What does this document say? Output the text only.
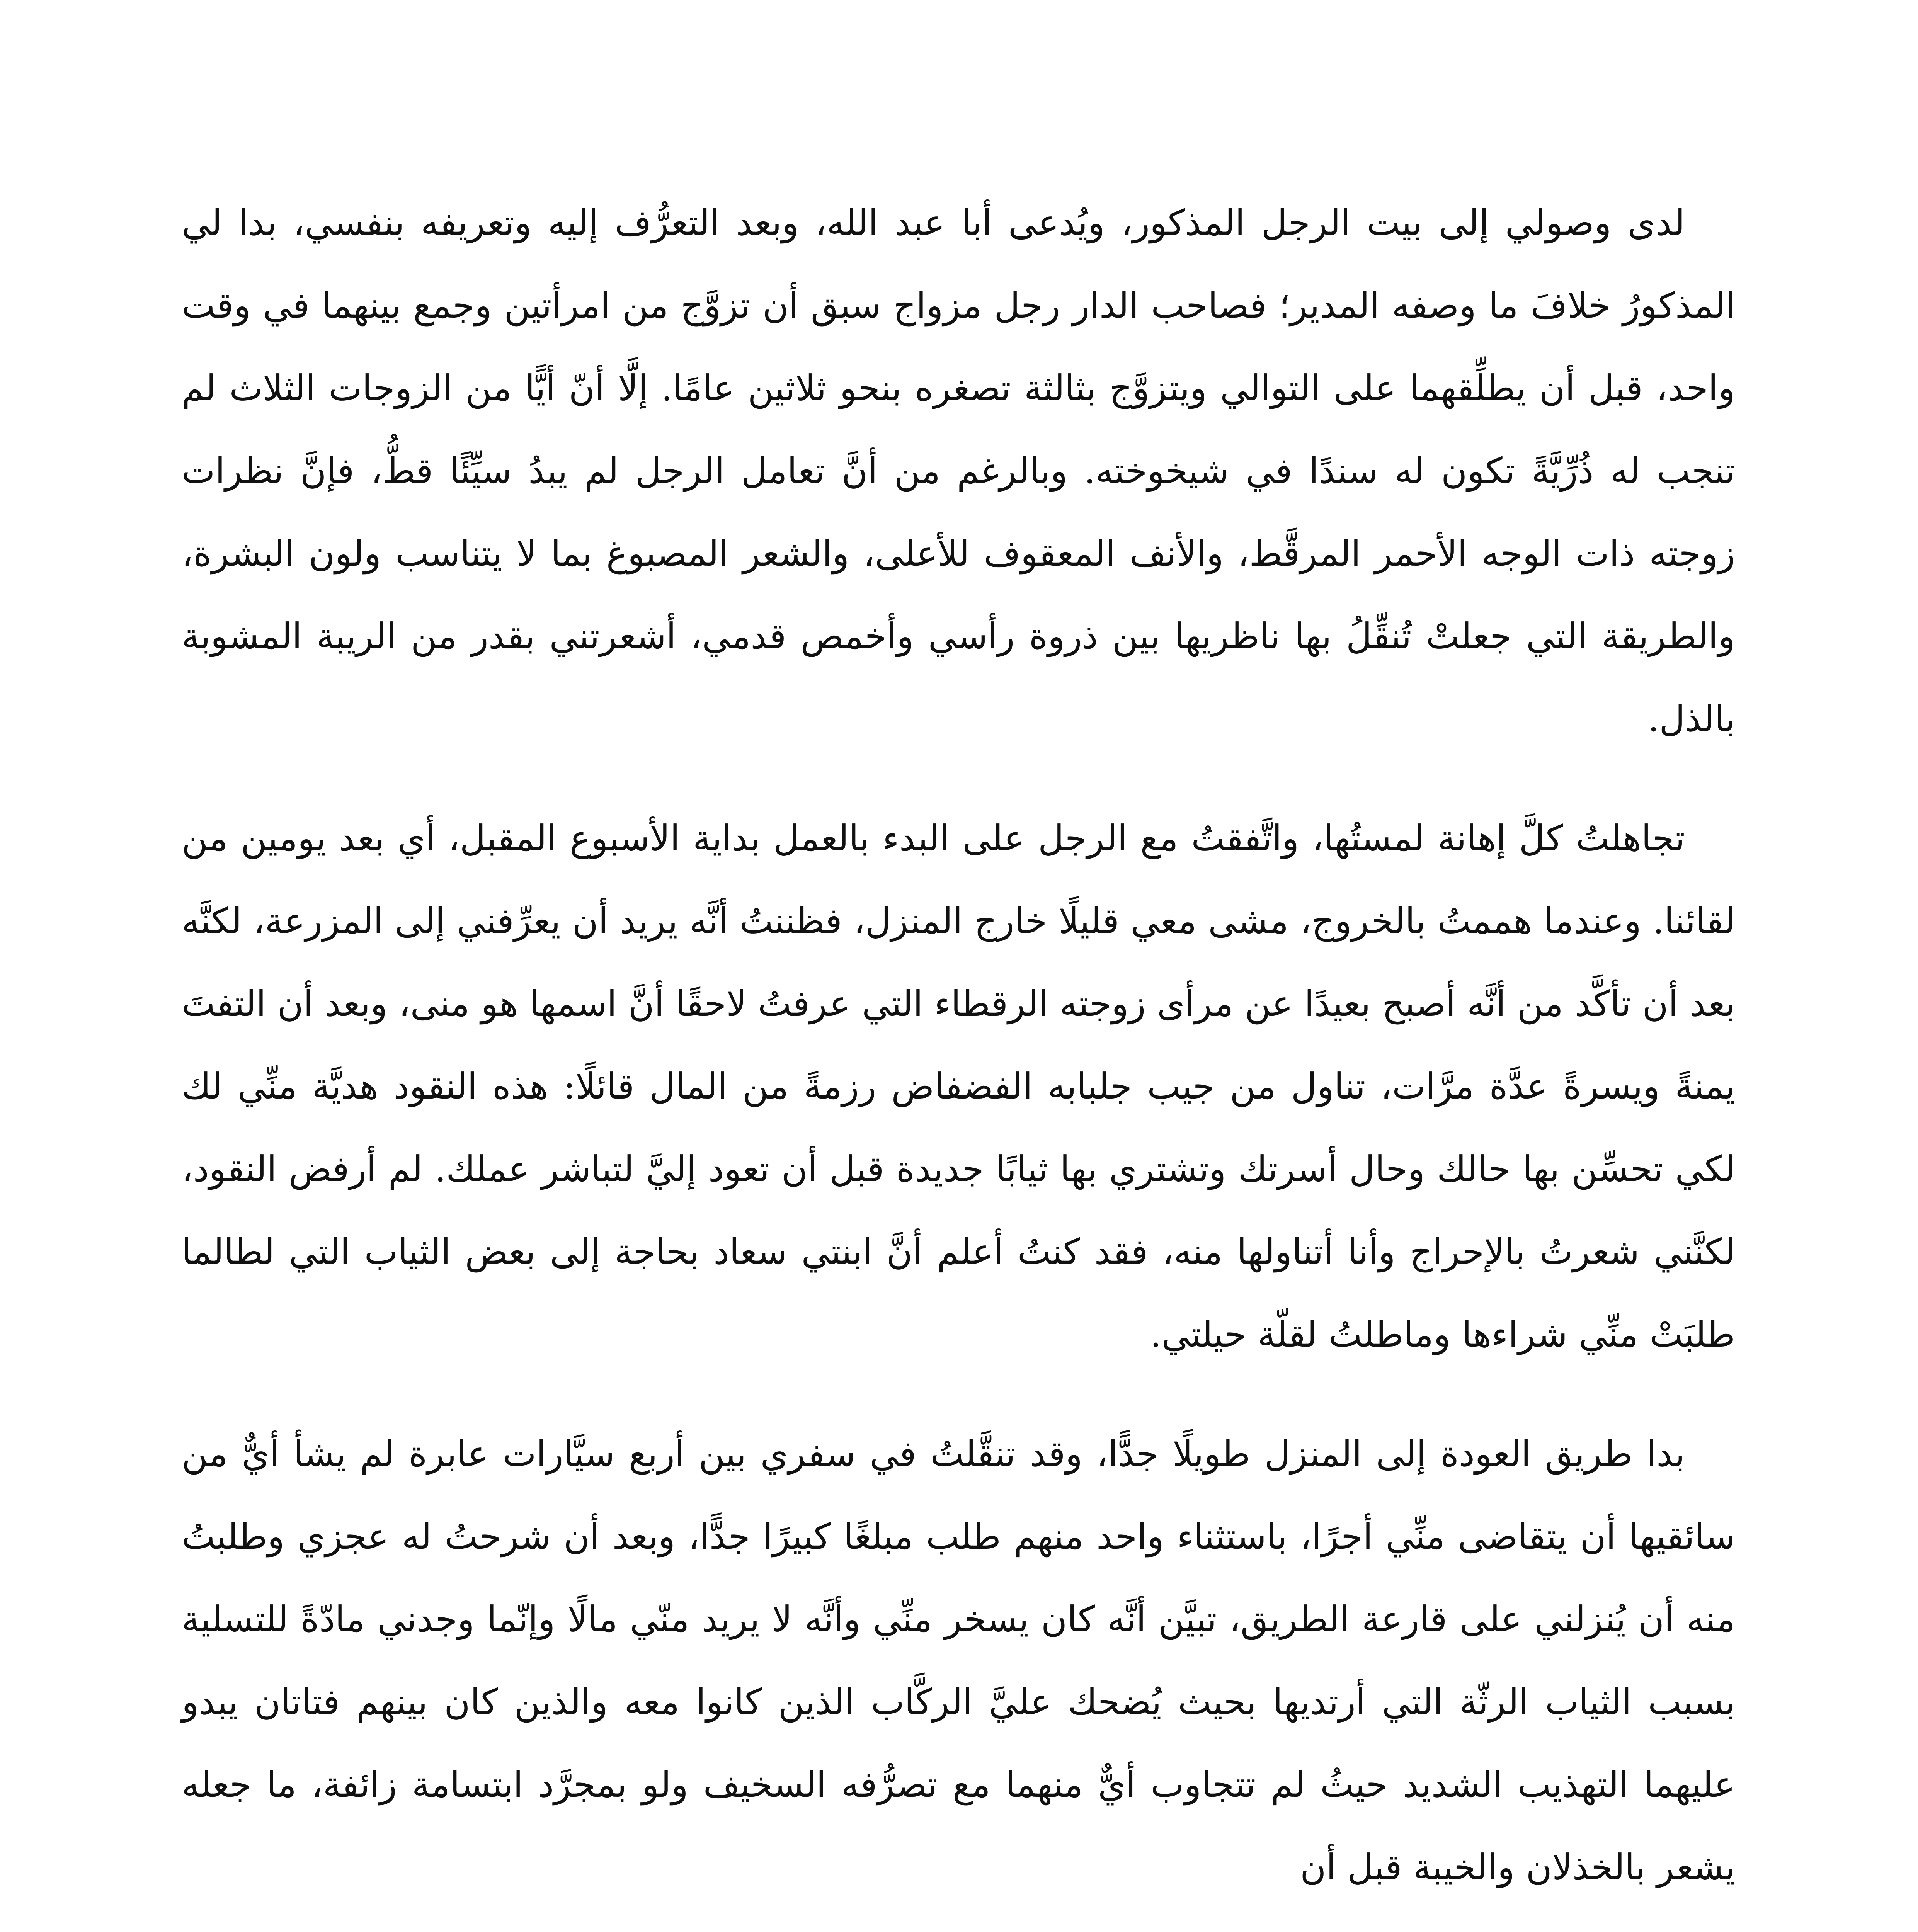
لدى وصولي إلى بيت الرجل المذكور، ويُدعى أبا عبد الله، وبعد التعرُّف إليه وتعريفه بنفسي، بدا لي المذكورُ خلافَ ما وصفه المدير؛ فصاحب الدار رجل مزواج سبق أن تزوَّج من امرأتين وجمع بينهما في وقت واحد، قبل أن يطلِّقهما على التوالي ويتزوَّج بثالثة تصغره بنحو ثلاثين عامًا. إلَّا أنّ أيًّا من الزوجات الثلاث لم تنجب له ذُرِّيَّةً تكون له سندًا في شيخوخته. وبالرغم من أنَّ تعامل الرجل لم يبدُ سيِّئًا قطُّ، فإنَّ نظرات زوجته ذات الوجه الأحمر المرقَّط، والأنف المعقوف للأعلى، والشعر المصبوغ بما لا يتناسب ولون البشرة، والطريقة التي جعلتْ تُنقِّلُ بها ناظريها بين ذروة رأسي وأخمص قدمي، أشعرتني بقدر من الريبة المشوبة بالذل.

تجاهلتُ كلَّ إهانة لمستُها، واتَّفقتُ مع الرجل على البدء بالعمل بداية الأسبوع المقبل، أي بعد يومين من لقائنا. وعندما هممتُ بالخروج، مشى معي قليلًا خارج المنزل، فظننتُ أنَّه يريد أن يعرِّفني إلى المزرعة، لكنَّه بعد أن تأكَّد من أنَّه أصبح بعيدًا عن مرأى زوجته الرقطاء التي عرفتُ لاحقًا أنَّ اسمها هو منى، وبعد أن التفتَ يمنةً ويسرةً عدَّة مرَّات، تناول من جيب جلبابه الفضفاض رزمةً من المال قائلًا: هذه النقود هديَّة منِّي لك لكي تحسِّن بها حالك وحال أسرتك وتشتري بها ثيابًا جديدة قبل أن تعود إليَّ لتباشر عملك. لم أرفض النقود، لكنَّني شعرتُ بالإحراج وأنا أتناولها منه، فقد كنتُ أعلم أنَّ ابنتي سعاد بحاجة إلى بعض الثياب التي لطالما طلبَتْ منِّي شراءها وماطلتُ لقلّة حيلتي.

بدا طريق العودة إلى المنزل طويلًا جدًّا، وقد تنقَّلتُ في سفري بين أربع سيَّارات عابرة لم يشأ أيٌّ من سائقيها أن يتقاضى منِّي أجرًا، باستثناء واحد منهم طلب مبلغًا كبيرًا جدًّا، وبعد أن شرحتُ له عجزي وطلبتُ منه أن يُنزلني على قارعة الطريق، تبيَّن أنَّه كان يسخر منِّي وأنَّه لا يريد منّي مالًا وإنّما وجدني مادّةً للتسلية بسبب الثياب الرثّة التي أرتديها بحيث يُضحك عليَّ الركَّاب الذين كانوا معه والذين كان بينهم فتاتان يبدو عليهما التهذيب الشديد حيثُ لم تتجاوب أيٌّ منهما مع تصرُّفه السخيف ولو بمجرَّد ابتسامة زائفة، ما جعله يشعر بالخذلان والخيبة قبل أن
